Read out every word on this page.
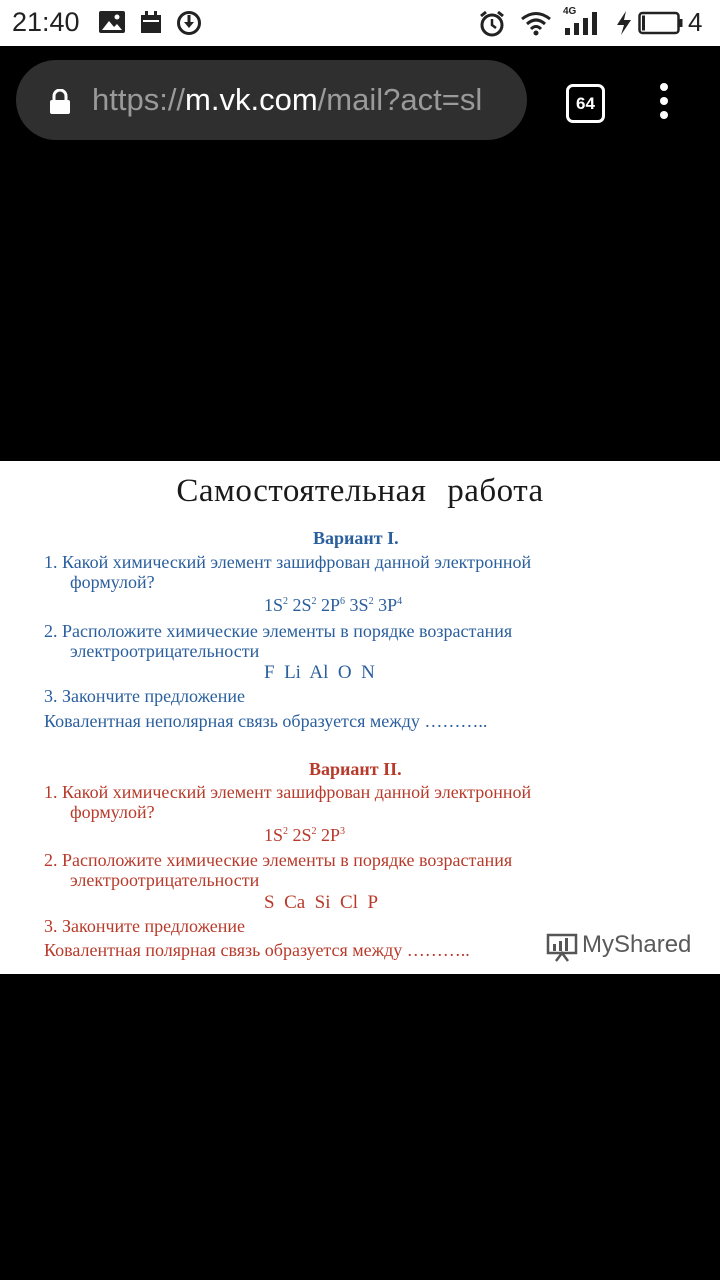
21:40	4G	4
https://m.vk.com/mail?act=sl	64
Самостоятельная работа
Вариант I.
1. Какой химический элемент зашифрован данной электронной
формулой?
$1S^2$ $2S^2$ $2P^6$ $3S^2$ $3P^4$
2. Расположите химические элементы в порядке возрастания
электроотрицательности
F  Li  Al  O  N
3. Закончите предложение
Ковалентная неполярная связь образуется между ………..
Вариант II.
1. Какой химический элемент зашифрован данной электронной
формулой?
$1S^2$ $2S^2$ $2P^3$
2. Расположите химические элементы в порядке возрастания
электроотрицательности
S  Ca  Si  Cl  P
3. Закончите предложение
Ковалентная полярная связь образуется между ………..	MyShared
